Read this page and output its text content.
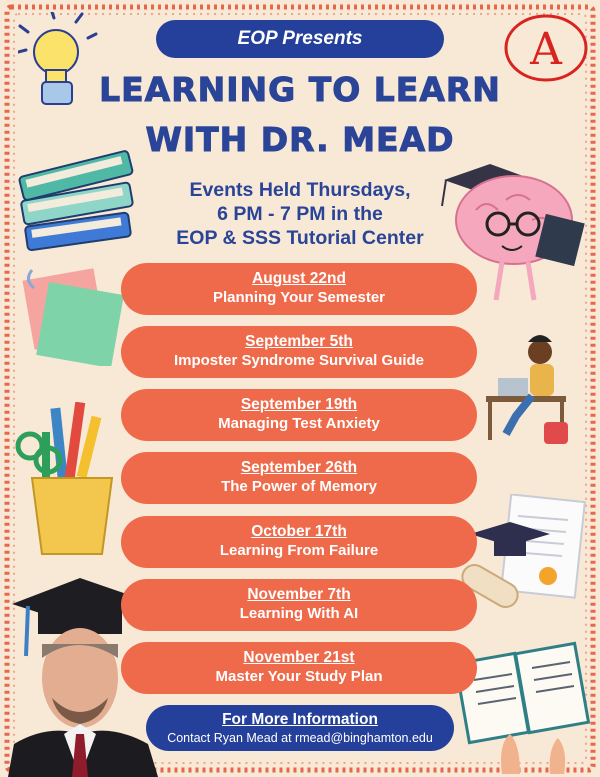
A
EOP Presents
LEARNING TO LEARN
WITH DR. MEAD
Events Held Thursdays,
6 PM - 7 PM in the
EOP & SSS Tutorial Center
August 22nd
Planning Your Semester
September 5th
Imposter Syndrome Survival Guide
September 19th
Managing Test Anxiety
September 26th
The Power of Memory
October 17th
Learning From Failure
November 7th
Learning With AI
November 21st
Master Your Study Plan
For More Information
Contact Ryan Mead at rmead@binghamton.edu
